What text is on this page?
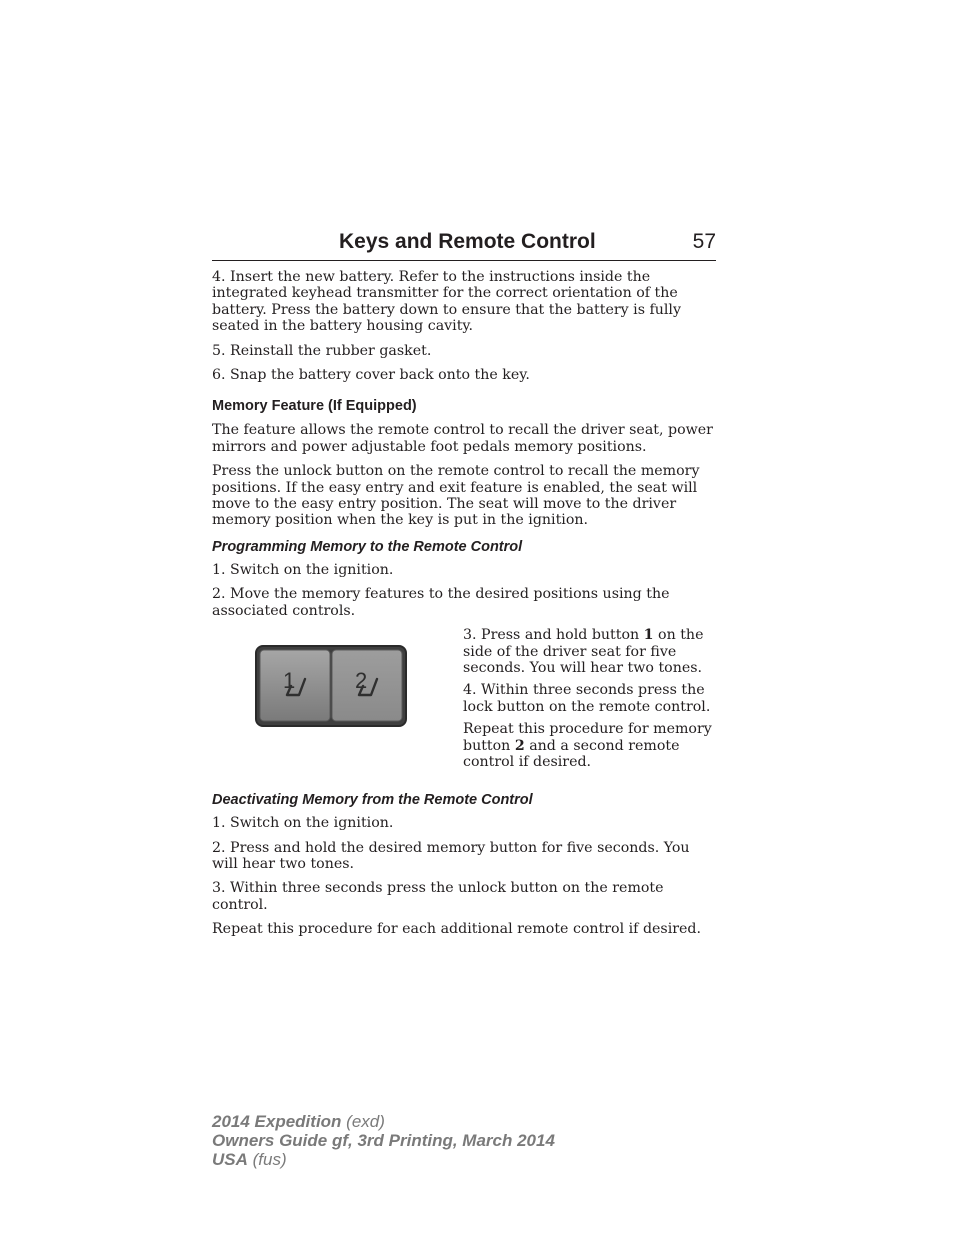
Keys and Remote Control	57

4. Insert the new battery. Refer to the instructions inside the integrated keyhead transmitter for the correct orientation of the battery. Press the battery down to ensure that the battery is fully seated in the battery housing cavity.

5. Reinstall the rubber gasket.

6. Snap the battery cover back onto the key.

Memory Feature (If Equipped)

The feature allows the remote control to recall the driver seat, power mirrors and power adjustable foot pedals memory positions.

Press the unlock button on the remote control to recall the memory positions. If the easy entry and exit feature is enabled, the seat will move to the easy entry position. The seat will move to the driver memory position when the key is put in the ignition.

Programming Memory to the Remote Control

1. Switch on the ignition.

2. Move the memory features to the desired positions using the associated controls.

1	2

3. Press and hold button 1 on the side of the driver seat for five seconds. You will hear two tones.

4. Within three seconds press the lock button on the remote control.

Repeat this procedure for memory button 2 and a second remote control if desired.

Deactivating Memory from the Remote Control

1. Switch on the ignition.

2. Press and hold the desired memory button for five seconds. You will hear two tones.

3. Within three seconds press the unlock button on the remote control.

Repeat this procedure for each additional remote control if desired.

2014 Expedition (exd)
Owners Guide gf, 3rd Printing, March 2014
USA (fus)
